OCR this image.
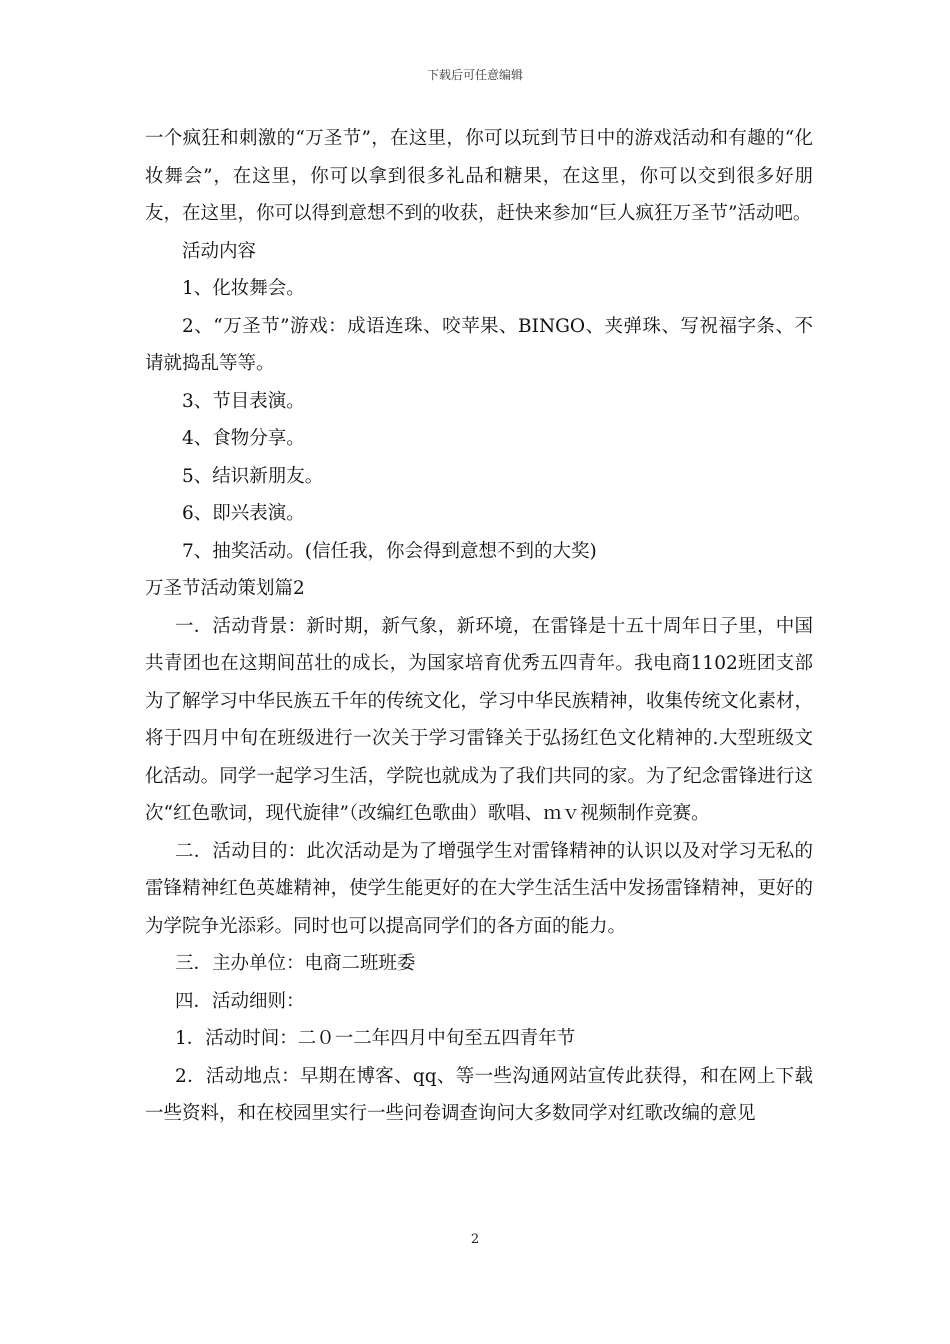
下载后可任意编辑

一个疯狂和刺激的“万圣节”，在这里，你可以玩到节日中的游戏活动和有趣的“化妆舞会”，在这里，你可以拿到很多礼品和糖果，在这里，你可以交到很多好朋友，在这里，你可以得到意想不到的收获，赶快来参加“巨人疯狂万圣节”活动吧。

活动内容

1、化妆舞会。

2、“万圣节”游戏：成语连珠、咬苹果、BINGO、夹弹珠、写祝福字条、不请就捣乱等等。

3、节目表演。

4、食物分享。

5、结识新朋友。

6、即兴表演。

7、抽奖活动。(信任我，你会得到意想不到的大奖)

万圣节活动策划篇2

一．活动背景：新时期，新气象，新环境，在雷锋是十五十周年日子里，中国共青团也在这期间茁壮的成长，为国家培育优秀五四青年。我电商1102班团支部为了解学习中华民族五千年的传统文化，学习中华民族精神，收集传统文化素材，将于四月中旬在班级进行一次关于学习雷锋关于弘扬红色文化精神的.大型班级文化活动。同学一起学习生活，学院也就成为了我们共同的家。为了纪念雷锋进行这次“红色歌词，现代旋律”（改编红色歌曲）歌唱、ｍｖ视频制作竞赛。

二．活动目的：此次活动是为了增强学生对雷锋精神的认识以及对学习无私的雷锋精神红色英雄精神，使学生能更好的在大学生活生活中发扬雷锋精神，更好的为学院争光添彩。同时也可以提高同学们的各方面的能力。

三．主办单位：电商二班班委

四．活动细则：

1．活动时间：二０一二年四月中旬至五四青年节

2．活动地点：早期在博客、qq、等一些沟通网站宣传此获得，和在网上下载一些资料，和在校园里实行一些问卷调查询问大多数同学对红歌改编的意见

2
